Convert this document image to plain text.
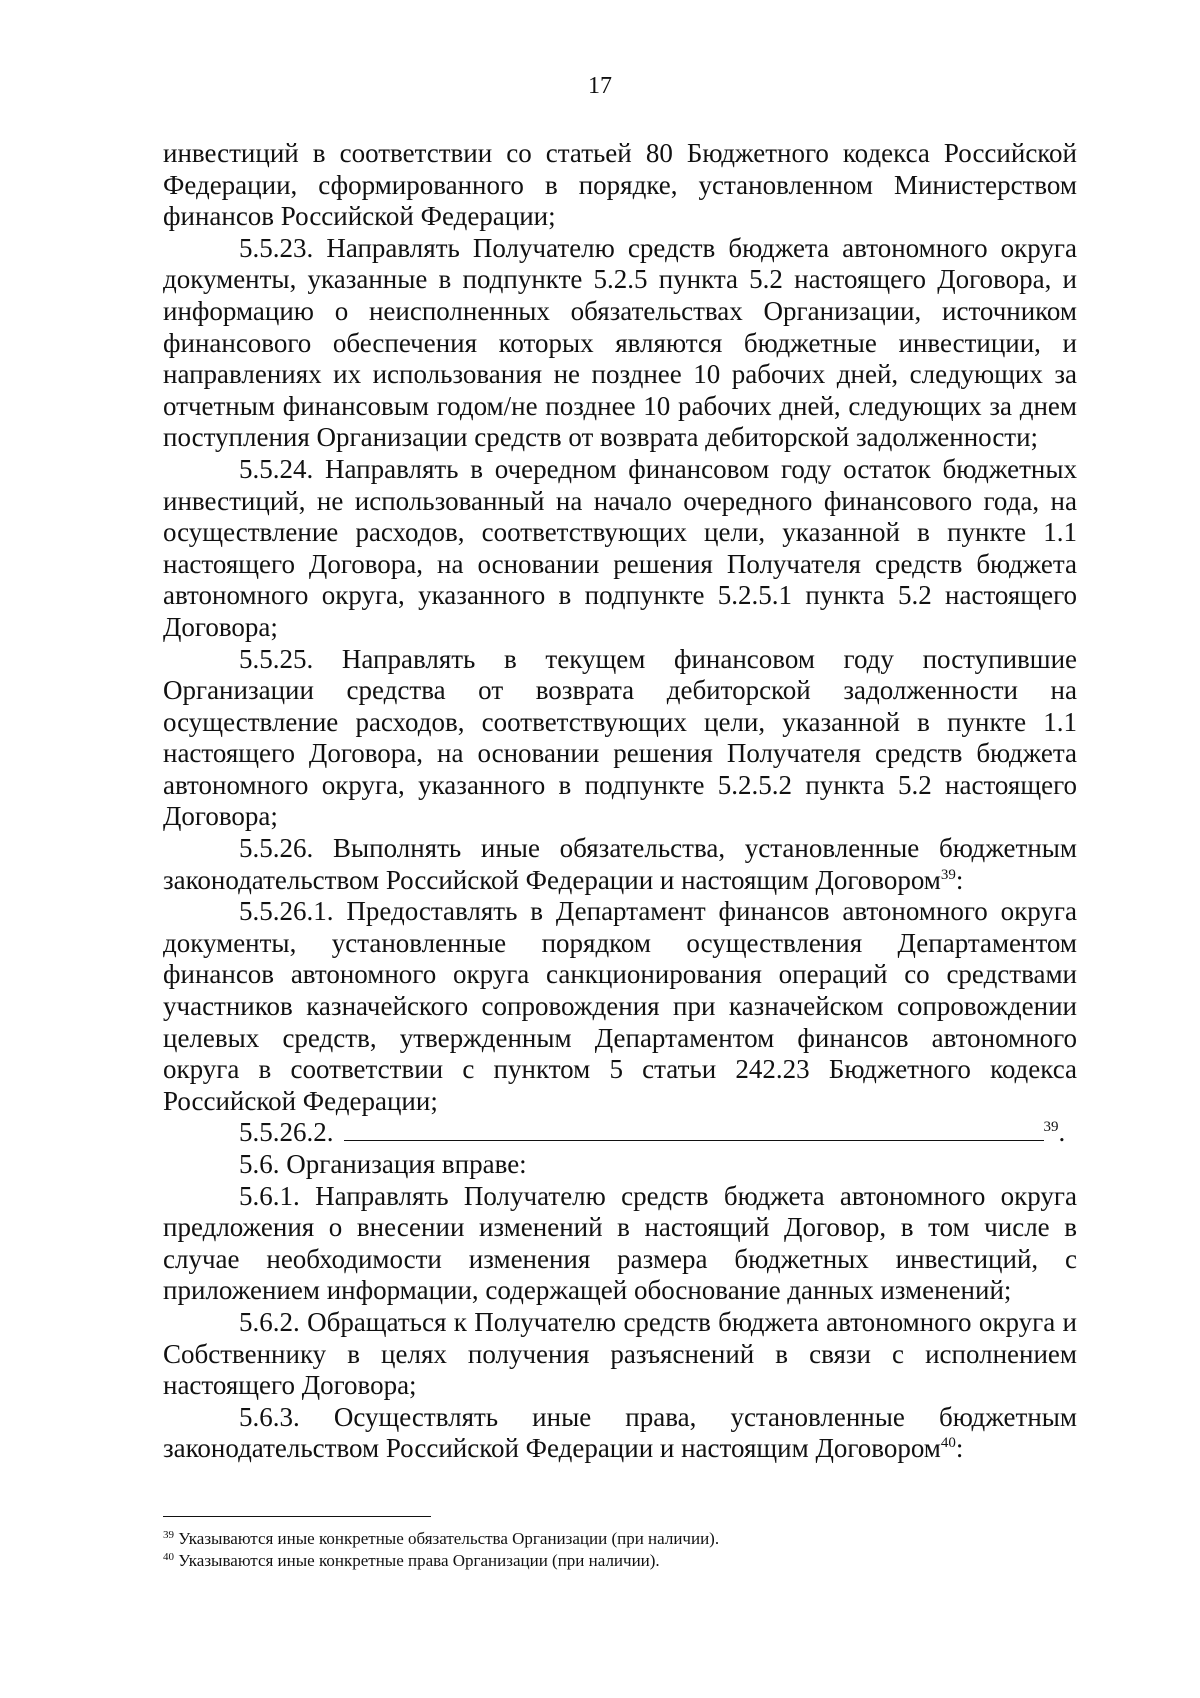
17

инвестиций в соответствии со статьей 80 Бюджетного кодекса Российской Федерации, сформированного в порядке, установленном Министерством финансов Российской Федерации;

5.5.23. Направлять Получателю средств бюджета автономного округа документы, указанные в подпункте 5.2.5 пункта 5.2 настоящего Договора, и информацию о неисполненных обязательствах Организации, источником финансового обеспечения которых являются бюджетные инвестиции, и направлениях их использования не позднее 10 рабочих дней, следующих за отчетным финансовым годом/не позднее 10 рабочих дней, следующих за днем поступления Организации средств от возврата дебиторской задолженности;

5.5.24. Направлять в очередном финансовом году остаток бюджетных инвестиций, не использованный на начало очередного финансового года, на осуществление расходов, соответствующих цели, указанной в пункте 1.1 настоящего Договора, на основании решения Получателя средств бюджета автономного округа, указанного в подпункте 5.2.5.1 пункта 5.2 настоящего Договора;

5.5.25. Направлять в текущем финансовом году поступившие Организации средства от возврата дебиторской задолженности на осуществление расходов, соответствующих цели, указанной в пункте 1.1 настоящего Договора, на основании решения Получателя средств бюджета автономного округа, указанного в подпункте 5.2.5.2 пункта 5.2 настоящего Договора;

5.5.26. Выполнять иные обязательства, установленные бюджетным законодательством Российской Федерации и настоящим Договором$^{39}$:

5.5.26.1. Предоставлять в Департамент финансов автономного округа документы, установленные порядком осуществления Департаментом финансов автономного округа санкционирования операций со средствами участников казначейского сопровождения при казначейском сопровождении целевых средств, утвержденным Департаментом финансов автономного округа в соответствии с пунктом 5 статьи 242.23 Бюджетного кодекса Российской Федерации;

5.5.26.2.	$^{39}$.

5.6. Организация вправе:

5.6.1. Направлять Получателю средств бюджета автономного округа предложения о внесении изменений в настоящий Договор, в том числе в случае необходимости изменения размера бюджетных инвестиций, с приложением информации, содержащей обоснование данных изменений;

5.6.2. Обращаться к Получателю средств бюджета автономного округа и Собственнику в целях получения разъяснений в связи с исполнением настоящего Договора;

5.6.3. Осуществлять иные права, установленные бюджетным законодательством Российской Федерации и настоящим Договором$^{40}$:

$^{39}$ Указываются иные конкретные обязательства Организации (при наличии).

$^{40}$ Указываются иные конкретные права Организации (при наличии).
